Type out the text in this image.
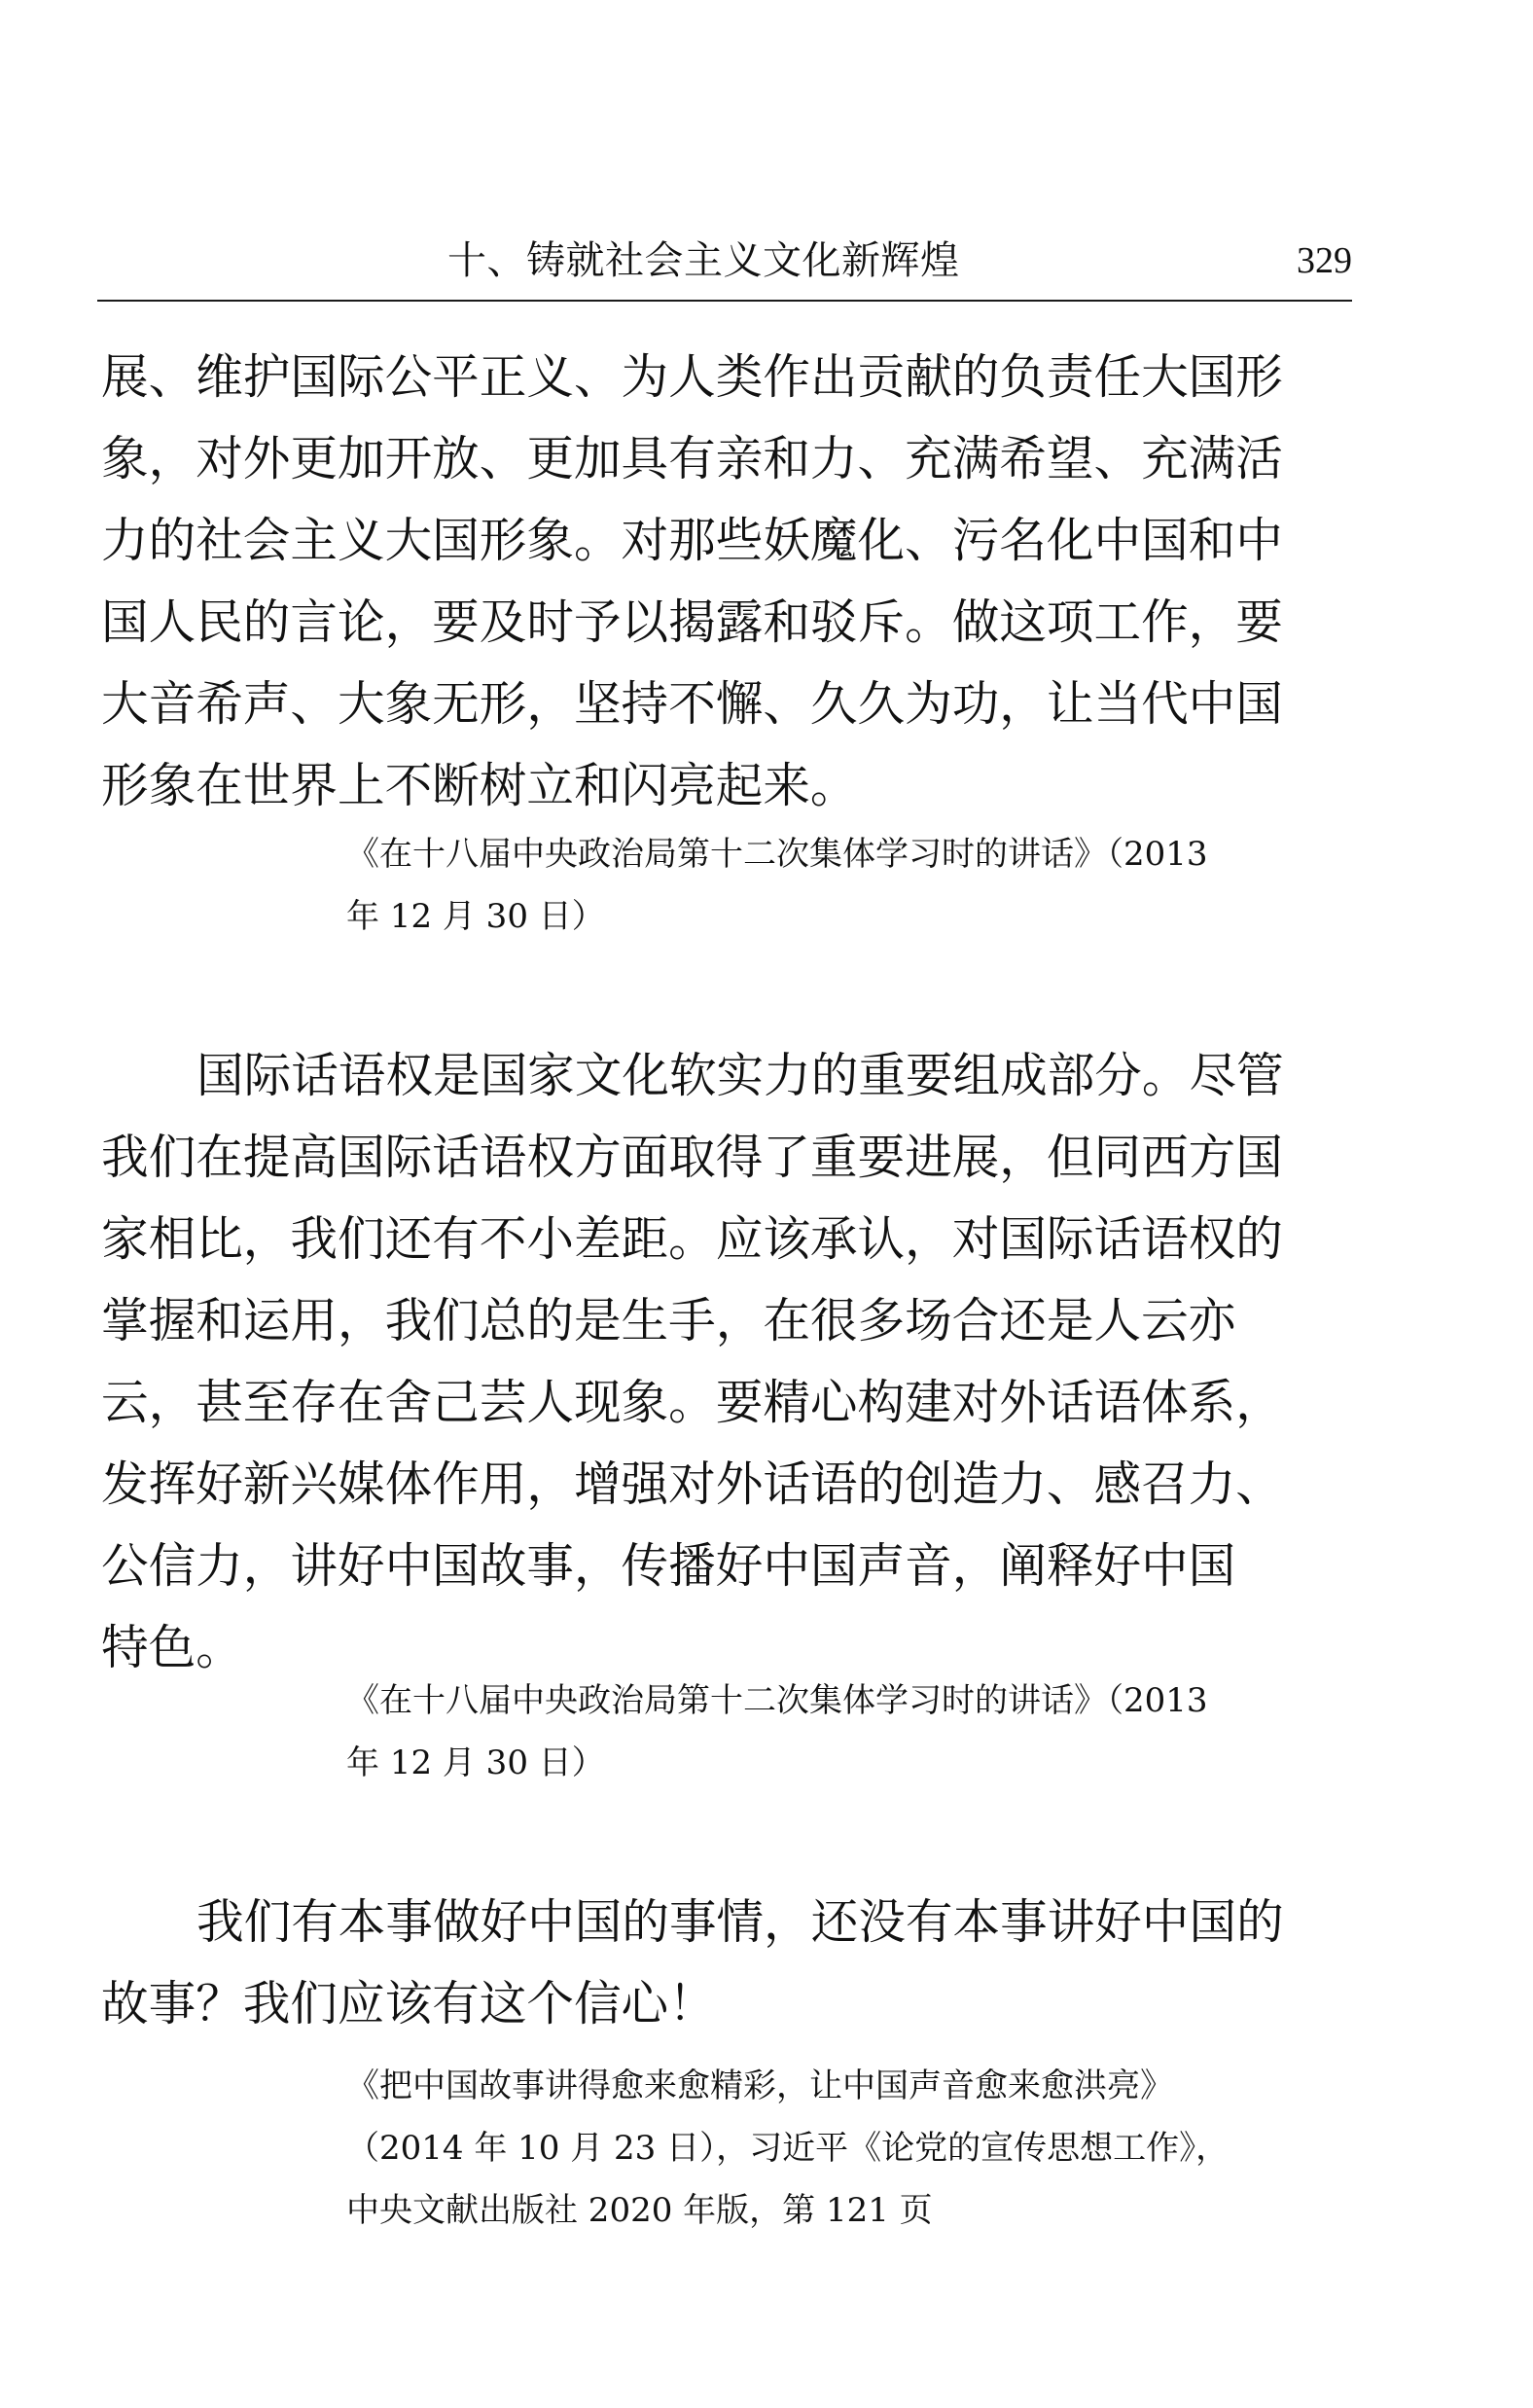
十、铸就社会主义文化新辉煌	329
展、维护国际公平正义、为人类作出贡献的负责任大国形
象，对外更加开放、更加具有亲和力、充满希望、充满活
力的社会主义大国形象。对那些妖魔化、污名化中国和中
国人民的言论，要及时予以揭露和驳斥。做这项工作，要
大音希声、大象无形，坚持不懈、久久为功，让当代中国
形象在世界上不断树立和闪亮起来。
《在十八届中央政治局第十二次集体学习时的讲话》（2013
年 12 月 30 日）
国际话语权是国家文化软实力的重要组成部分。尽管
我们在提高国际话语权方面取得了重要进展，但同西方国
家相比，我们还有不小差距。应该承认，对国际话语权的
掌握和运用，我们总的是生手，在很多场合还是人云亦
云，甚至存在舍己芸人现象。要精心构建对外话语体系，
发挥好新兴媒体作用，增强对外话语的创造力、感召力、
公信力，讲好中国故事，传播好中国声音，阐释好中国
特色。
《在十八届中央政治局第十二次集体学习时的讲话》（2013
年 12 月 30 日）
我们有本事做好中国的事情，还没有本事讲好中国的
故事？我们应该有这个信心！
《把中国故事讲得愈来愈精彩，让中国声音愈来愈洪亮》
（2014 年 10 月 23 日），习近平《论党的宣传思想工作》，
中央文献出版社 2020 年版，第 121 页
